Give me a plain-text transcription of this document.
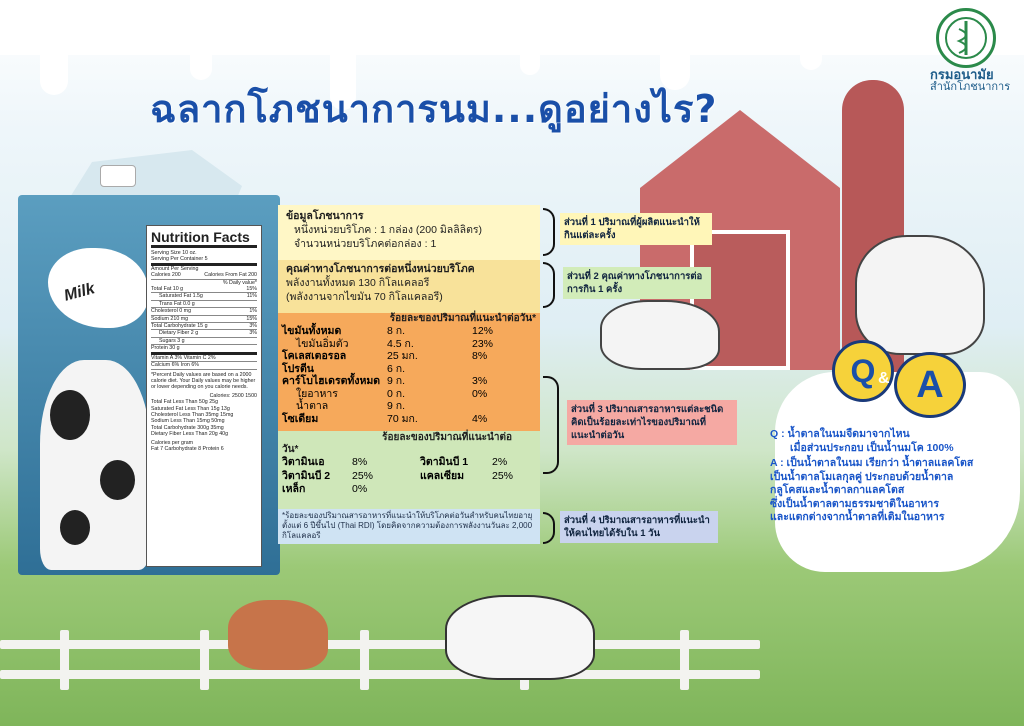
กรมอนามัย
สำนักโภชนาการ
ฉลากโภชนาการนม...ดูอย่างไร?
Milk
Nutrition Facts
Serving Size 10 oz.
Serving Per Container 5
Amount Per Serving
Calories 200	Calories From Fat 200
% Daily value*
Total Fat 10 g	15%
Saturated Fat 1.5g	11%
Trans Fat 0.0 g
Cholesterol 0 mg	1%
Sodium 210 mg	15%
Total Carbohydrate 15 g	3%
Dietary Fiber 2 g	3%
Sugars 3 g
Protein 30 g
Vitamin A 3% Vitamin C 2%
Calcium 6% Iron 6%
*Percent Daily values are based on a 2000 calorie diet. Your Daily values may be higher or lower depending on you calorie needs.
Calories: 2500 1500
Total Fat Less Than 50g 25g
Saturated Fat Less Than 15g 13g
Cholesterol Less Than 35mg 15mg
Sodium Less Than 15mg 50mg
Total Carbohydrate 300g 35mg
Dietary Fiber Less Than 20g 40g
Calories per gram
Fat 7 Carbohydrate 8 Protein 6
ข้อมูลโภชนาการ
หนึ่งหน่วยบริโภค : 1 กล่อง (200 มิลลิลิตร)
จำนวนหน่วยบริโภคต่อกล่อง : 1
คุณค่าทางโภชนาการต่อหนึ่งหน่วยบริโภค
พลังงานทั้งหมด 130 กิโลแคลอรี
(พลังงานจากไขมัน 70 กิโลแคลอรี)
ร้อยละของปริมาณที่แนะนำต่อวัน*
ไขมันทั้งหมด	8 ก.	12%
ไขมันอิ่มตัว	4.5 ก.	23%
โคเลสเตอรอล	25 มก.	8%
โปรตีน	6 ก.
คาร์โบไฮเดรตทั้งหมด 9 ก.	3%
ใยอาหาร	0 ก.	0%
น้ำตาล	9 ก.
โซเดียม	70 มก.	4%
ร้อยละของปริมาณที่แนะนำต่อ
วัน*
วิตามินเอ	8%	วิตามินบี 1	2%
วิตามินบี 2	25%	แคลเซียม	25%
เหล็ก	0%
*ร้อยละของปริมาณสารอาหารที่แนะนำให้บริโภคต่อวันสำหรับคนไทยอายุตั้งแต่ 6 ปีขึ้นไป (Thai RDI) โดยคิดจากความต้องการพลังงานวันละ 2,000 กิโลแคลอรี
ส่วนที่ 1 ปริมาณที่ผู้ผลิตแนะนำให้กินแต่ละครั้ง
ส่วนที่ 2 คุณค่าทางโภชนาการต่อการกิน 1 ครั้ง
ส่วนที่ 3 ปริมาณสารอาหารแต่ละชนิดคิดเป็นร้อยละเท่าไรของปริมาณที่แนะนำต่อวัน
ส่วนที่ 4 ปริมาณสารอาหารที่แนะนำให้คนไทยได้รับใน 1 วัน
Q	A
&
Q : น้ำตาลในนมจืดมาจากไหน
เมื่อส่วนประกอบ เป็นน้ำนมโค 100%
A : เป็นน้ำตาลในนม เรียกว่า น้ำตาลแลคโตส
เป็นน้ำตาลโมเลกุลคู่ ประกอบด้วยน้ำตาล
กลูโคสและน้ำตาลกาแลคโตส
ซึ่งเป็นน้ำตาลตามธรรมชาติในอาหาร
และแตกต่างจากน้ำตาลที่เติมในอาหาร
